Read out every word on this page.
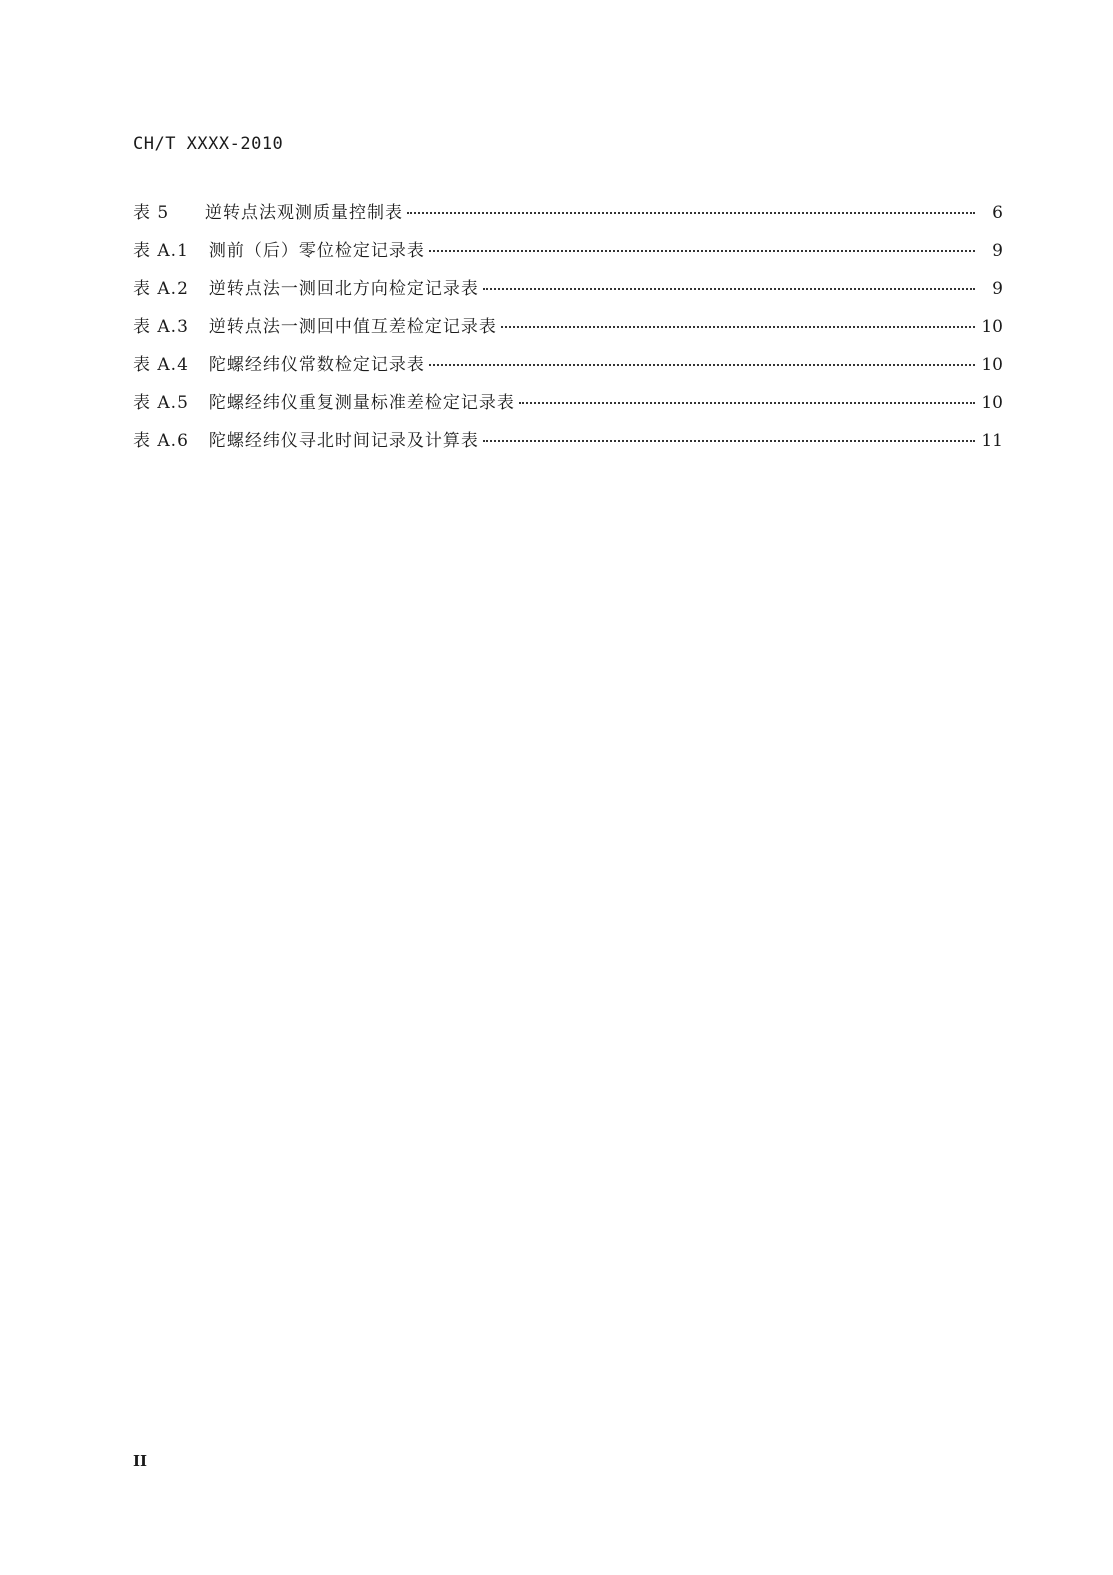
CH/T XXXX-2010
表 5	逆转点法观测质量控制表	6
表 A.1	测前（后）零位检定记录表	9
表 A.2	逆转点法一测回北方向检定记录表	9
表 A.3	逆转点法一测回中值互差检定记录表	10
表 A.4	陀螺经纬仪常数检定记录表	10
表 A.5	陀螺经纬仪重复测量标准差检定记录表	10
表 A.6	陀螺经纬仪寻北时间记录及计算表	11
II
